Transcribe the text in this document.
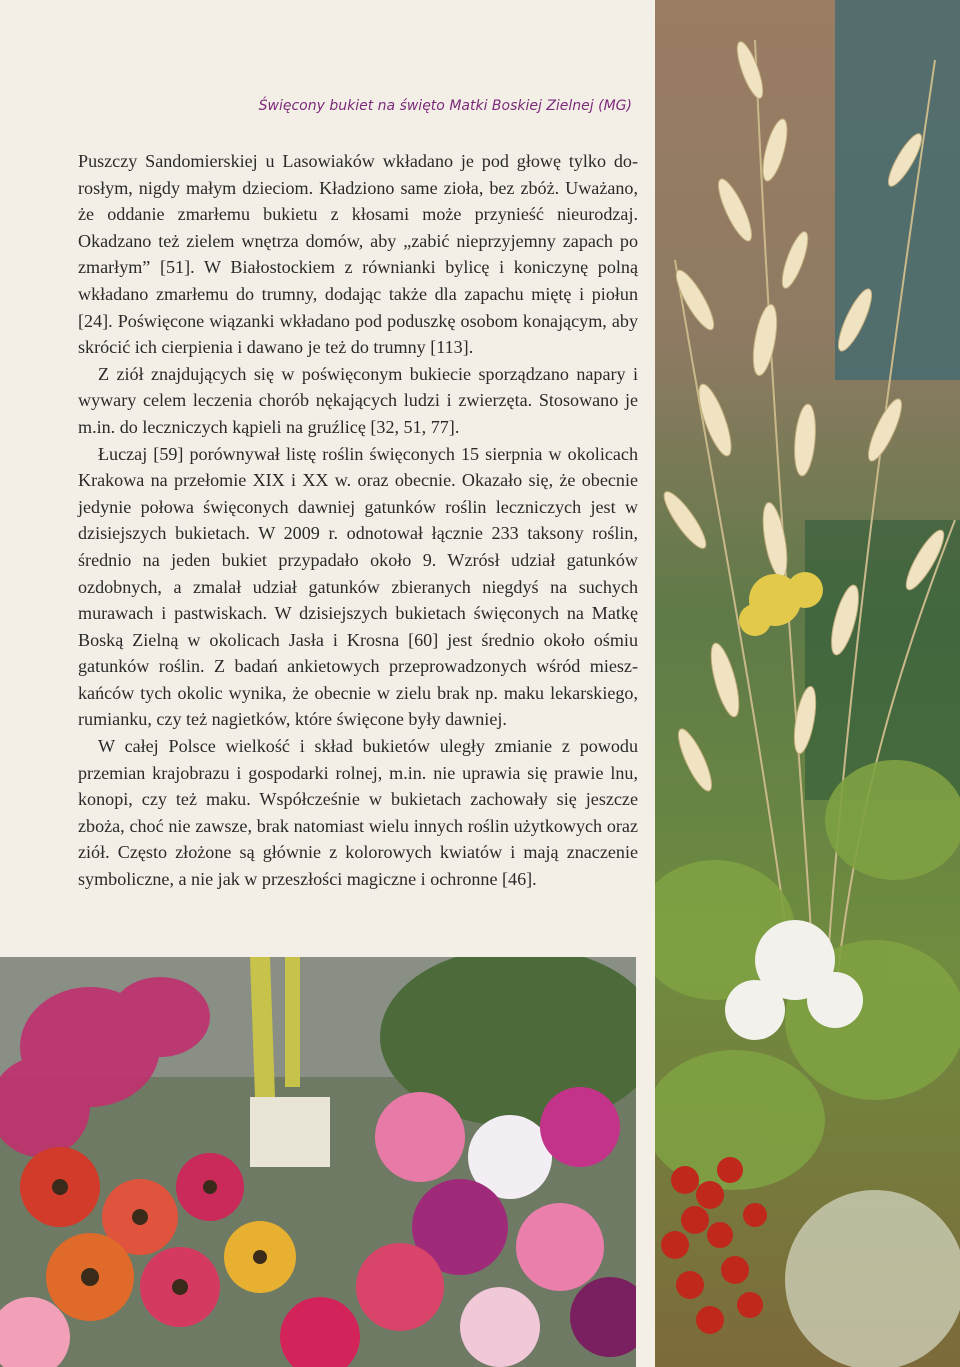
Święcony bukiet na święto Matki Boskiej Zielnej (MG)

Puszczy Sandomierskiej u Lasowiaków wkładano je pod głowę tylko dorosłym, nigdy małym dzieciom. Kładziono same zioła, bez zbóż. Uważano, że oddanie zmarłemu bukietu z kłosami może przynieść nieurodzaj. Okadzano też zielem wnętrza domów, aby „zabić nieprzyjemny zapach po zmarłym” [51]. W Białostockiem z równianki bylicę i koniczynę polną wkładano zmarłemu do trumny, dodając także dla zapachu miętę i piołun [24]. Poświęcone wiązanki wkładano pod poduszkę osobom konającym, aby skrócić ich cierpienia i dawano je też do trumny [113].

Z ziół znajdujących się w poświęconym bukiecie sporządzano napary i wywary celem leczenia chorób nękających ludzi i zwierzęta. Stosowano je m.in. do leczniczych kąpieli na gruźlicę [32, 51, 77].

Łuczaj [59] porównywał listę roślin święconych 15 sierpnia w okolicach Krakowa na przełomie XIX i XX w. oraz obecnie. Okazało się, że obecnie jedynie połowa święconych dawniej gatunków roślin leczniczych jest w dzisiejszych bukietach. W 2009 r. odnotował łącznie 233 taksony roślin, średnio na jeden bukiet przypadało około 9. Wzrósł udział gatunków ozdobnych, a zmalał udział gatunków zbieranych niegdyś na suchych murawach i pastwiskach. W dzisiejszych bukietach święconych na Matkę Boską Zielną w okolicach Jasła i Krosna [60] jest średnio około ośmiu gatunków roślin. Z badań ankietowych przeprowadzonych wśród mieszkańców tych okolic wynika, że obecnie w zielu brak np. maku lekarskiego, rumianku, czy też nagietków, które święcone były dawniej.

W całej Polsce wielkość i skład bukietów uległy zmianie z powodu przemian krajobrazu i gospodarki rolnej, m.in. nie uprawia się prawie lnu, konopi, czy też maku. Współcześnie w bukietach zachowały się jeszcze zboża, choć nie zawsze, brak natomiast wielu innych roślin użytkowych oraz ziół. Często złożone są głównie z kolorowych kwiatów i mają znaczenie symboliczne, a nie jak w przeszłości magiczne i ochronne [46].
